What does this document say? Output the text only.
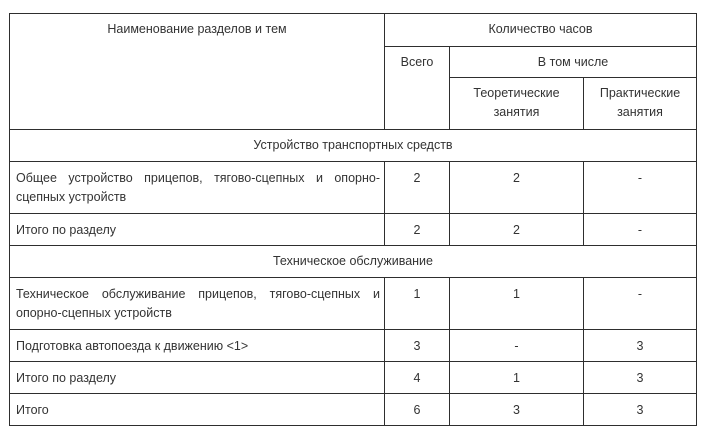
Наименование разделов и тем	Количество часов		
	Всего	В том числе	
		Теоретические занятия	Практические занятия
Устройство транспортных средств			
Общее устройство прицепов, тягово-сцепных и опорно-сцепных устройств	2	2	-
Итого по разделу	2	2	-
Техническое обслуживание			
Техническое обслуживание прицепов, тягово-сцепных и опорно-сцепных устройств	1	1	-
Подготовка автопоезда к движению <1>	3	-	3
Итого по разделу	4	1	3
Итого	6	3	3
